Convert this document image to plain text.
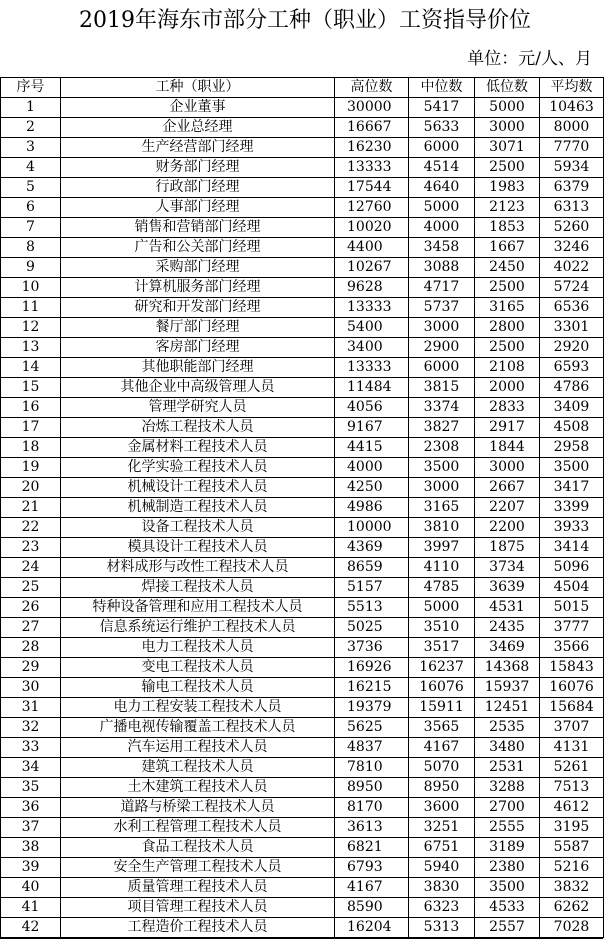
2019年海东市部分工种（职业）工资指导价位
单位：元/人、月
序号	工种（职业）	高位数	中位数	低位数	平均数
1	企业董事	30000	5417	5000	10463
2	企业总经理	16667	5633	3000	8000
3	生产经营部门经理	16230	6000	3071	7770
4	财务部门经理	13333	4514	2500	5934
5	行政部门经理	17544	4640	1983	6379
6	人事部门经理	12760	5000	2123	6313
7	销售和营销部门经理	10020	4000	1853	5260
8	广告和公关部门经理	4400	3458	1667	3246
9	采购部门经理	10267	3088	2450	4022
10	计算机服务部门经理	9628	4717	2500	5724
11	研究和开发部门经理	13333	5737	3165	6536
12	餐厅部门经理	5400	3000	2800	3301
13	客房部门经理	3400	2900	2500	2920
14	其他职能部门经理	13333	6000	2108	6593
15	其他企业中高级管理人员	11484	3815	2000	4786
16	管理学研究人员	4056	3374	2833	3409
17	冶炼工程技术人员	9167	3827	2917	4508
18	金属材料工程技术人员	4415	2308	1844	2958
19	化学实验工程技术人员	4000	3500	3000	3500
20	机械设计工程技术人员	4250	3000	2667	3417
21	机械制造工程技术人员	4986	3165	2207	3399
22	设备工程技术人员	10000	3810	2200	3933
23	模具设计工程技术人员	4369	3997	1875	3414
24	材料成形与改性工程技术人员	8659	4110	3734	5096
25	焊接工程技术人员	5157	4785	3639	4504
26	特种设备管理和应用工程技术人员	5513	5000	4531	5015
27	信息系统运行维护工程技术人员	5025	3510	2435	3777
28	电力工程技术人员	3736	3517	3469	3566
29	变电工程技术人员	16926	16237	14368	15843
30	输电工程技术人员	16215	16076	15937	16076
31	电力工程安装工程技术人员	19379	15911	12451	15684
32	广播电视传输覆盖工程技术人员	5625	3565	2535	3707
33	汽车运用工程技术人员	4837	4167	3480	4131
34	建筑工程技术人员	7810	5070	2531	5261
35	土木建筑工程技术人员	8950	8950	3288	7513
36	道路与桥梁工程技术人员	8170	3600	2700	4612
37	水利工程管理工程技术人员	3613	3251	2555	3195
38	食品工程技术人员	6821	6751	3189	5587
39	安全生产管理工程技术人员	6793	5940	2380	5216
40	质量管理工程技术人员	4167	3830	3500	3832
41	项目管理工程技术人员	8590	6323	4533	6262
42	工程造价工程技术人员	16204	5313	2557	7028
